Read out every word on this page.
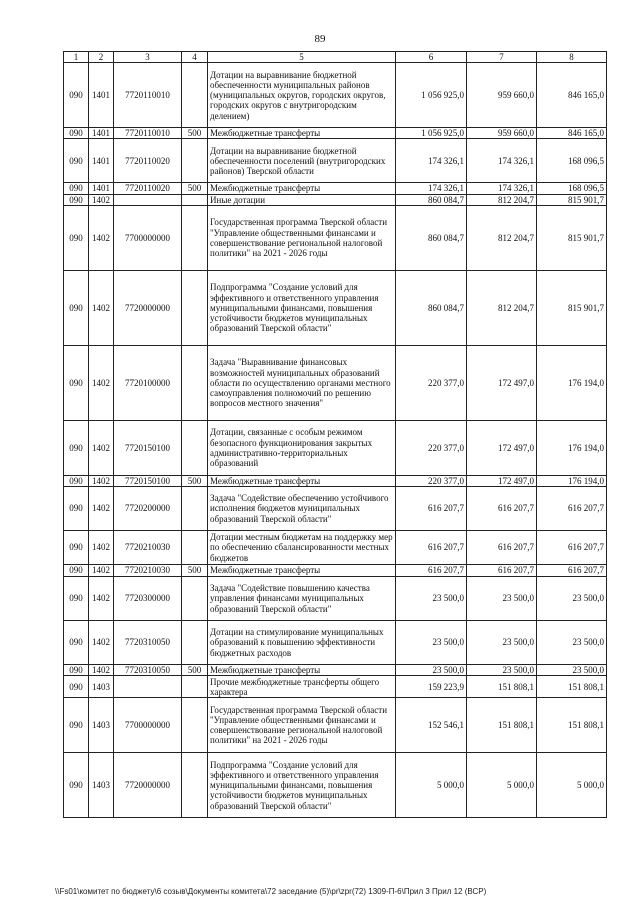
89
1	2	3	4	5	6	7	8
090	1401	7720110010		Дотации на выравнивание бюджетной обеспеченности муниципальных районов (муниципальных округов, городских округов, городских округов с внутригородским делением)	1 056 925,0	959 660,0	846 165,0
090	1401	7720110010	500	Межбюджетные трансферты	1 056 925,0	959 660,0	846 165,0
090	1401	7720110020		Дотации на выравнивание бюджетной обеспеченности поселений (внутригородских районов) Тверской области	174 326,1	174 326,1	168 096,5
090	1401	7720110020	500	Межбюджетные трансферты	174 326,1	174 326,1	168 096,5
090	1402			Иные дотации	860 084,7	812 204,7	815 901,7
090	1402	7700000000		Государственная программа Тверской области "Управление общественными финансами и совершенствование региональной налоговой политики" на 2021 - 2026 годы	860 084,7	812 204,7	815 901,7
090	1402	7720000000		Подпрограмма "Создание условий для эффективного и ответственного управления муниципальными финансами, повышения устойчивости бюджетов муниципальных образований Тверской области"	860 084,7	812 204,7	815 901,7
090	1402	7720100000		Задача "Выравнивание финансовых возможностей муниципальных образований области по осуществлению органами местного самоуправления полномочий по решению вопросов местного значения"	220 377,0	172 497,0	176 194,0
090	1402	7720150100		Дотации, связанные с особым режимом безопасного функционирования закрытых административно-территориальных образований	220 377,0	172 497,0	176 194,0
090	1402	7720150100	500	Межбюджетные трансферты	220 377,0	172 497,0	176 194,0
090	1402	7720200000		Задача "Содействие обеспечению устойчивого исполнения бюджетов муниципальных образований Тверской области"	616 207,7	616 207,7	616 207,7
090	1402	7720210030		Дотации местным бюджетам на поддержку мер по обеспечению сбалансированности местных бюджетов	616 207,7	616 207,7	616 207,7
090	1402	7720210030	500	Межбюджетные трансферты	616 207,7	616 207,7	616 207,7
090	1402	7720300000		Задача "Содействие повышению качества управления финансами муниципальных образований Тверской области"	23 500,0	23 500,0	23 500,0
090	1402	7720310050		Дотации на стимулирование муниципальных образований к повышению эффективности бюджетных расходов	23 500,0	23 500,0	23 500,0
090	1402	7720310050	500	Межбюджетные трансферты	23 500,0	23 500,0	23 500,0
090	1403			Прочие межбюджетные трансферты общего характера	159 223,9	151 808,1	151 808,1
090	1403	7700000000		Государственная программа Тверской области "Управление общественными финансами и совершенствование региональной налоговой политики" на 2021 - 2026 годы	152 546,1	151 808,1	151 808,1
090	1403	7720000000		Подпрограмма "Создание условий для эффективного и ответственного управления муниципальными финансами, повышения устойчивости бюджетов муниципальных образований Тверской области"	5 000,0	5 000,0	5 000,0
\\Fs01\комитет по бюджету\6 созыв\Документы комитета\72 заседание (5)\pr\zpr(72) 1309-П-6\Прил 3 Прил 12 (ВСР)
